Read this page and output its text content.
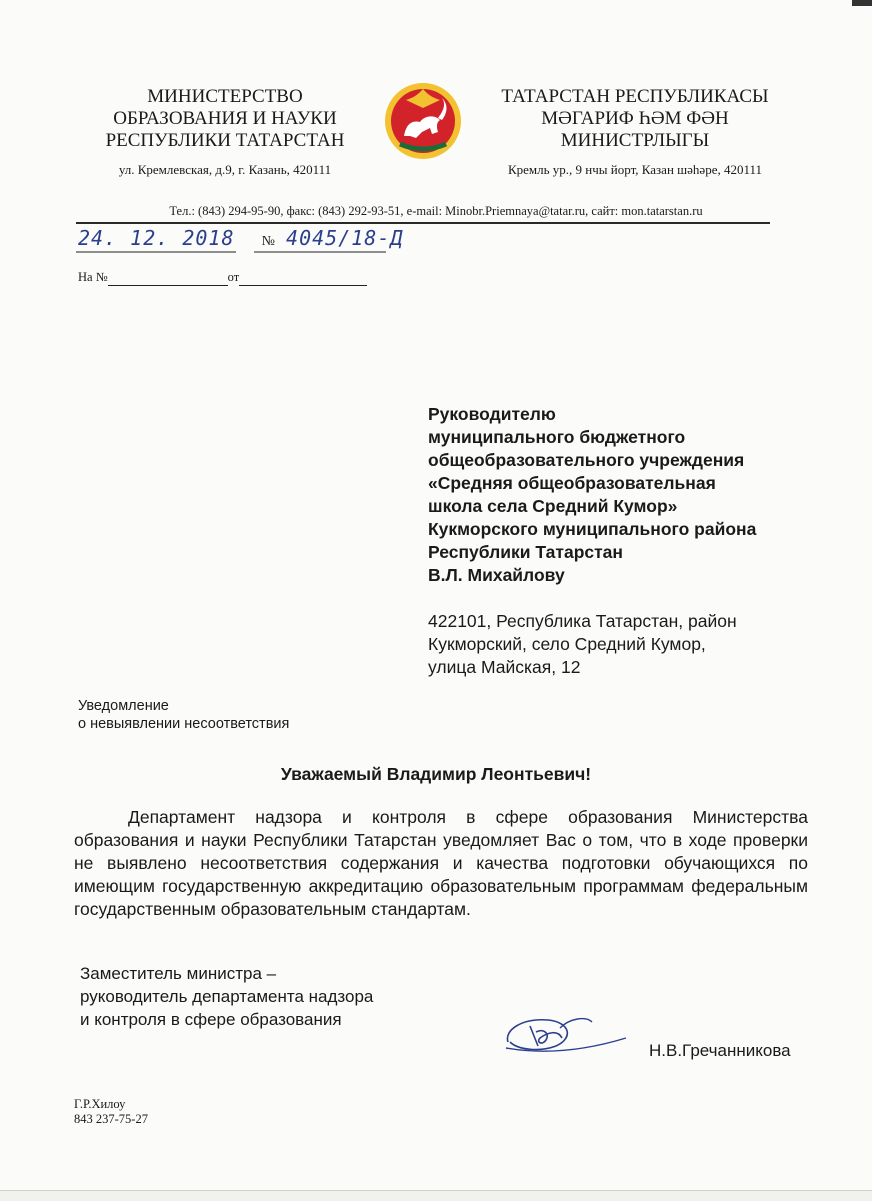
МИНИСТЕРСТВО
ОБРАЗОВАНИЯ И НАУКИ
РЕСПУБЛИКИ ТАТАРСТАН
ТАТАРСТАН РЕСПУБЛИКАСЫ
МӘГАРИФ ҺӘМ ФӘН
МИНИСТРЛЫГЫ
ул. Кремлевская, д.9, г. Казань, 420111	Кремль ур., 9 нчы йорт, Казан шәһәре, 420111
Тел.: (843) 294-95-90, факс: (843) 292-93-51, e-mail: Minobr.Priemnaya@tatar.ru, сайт: mon.tatarstan.ru
24. 12. 2018 № 4045/18-Д
На №	от
Руководителю
муниципального бюджетного
общеобразовательного учреждения
«Средняя общеобразовательная
школа села Средний Кумор»
Кукморского муниципального района
Республики Татарстан
В.Л. Михайлову
422101, Республика Татарстан, район
Кукморский, село Средний Кумор,
улица Майская, 12
Уведомление
о невыявлении несоответствия
Уважаемый Владимир Леонтьевич!
Департамент надзора и контроля в сфере образования Министерства образования и науки Республики Татарстан уведомляет Вас о том, что в ходе проверки не выявлено несоответствия содержания и качества подготовки обучающихся по имеющим государственную аккредитацию образовательным программам федеральным государственным образовательным стандартам.
Заместитель министра –
руководитель департамента надзора
и контроля в сфере образования
Н.В.Гречанникова
Г.Р.Хилоу
843 237-75-27
